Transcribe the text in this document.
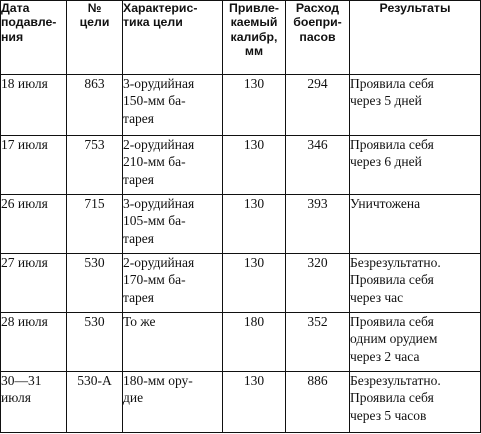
Дата
подавле-
ния	№
цели	Характерис-
тика цели	Привле-
каемый
калибр,
мм	Расход
боепри-
пасов	Результаты

18 июля	863	3-орудийная
150-мм ба-
тарея	130	294	Проявила себя
через 5 дней

17 июля	753	2-орудийная
210-мм ба-
тарея	130	346	Проявила себя
через 6 дней

26 июля	715	3-орудийная
105-мм ба-
тарея	130	393	Уничтожена

27 июля	530	2-орудийная
170-мм ба-
тарея	130	320	Безрезультатно.
Проявила себя
через час

28 июля	530	То же	180	352	Проявила себя
одним орудием
через 2 часа

30—31
июля	530-А	180-мм ору-
дие	130	886	Безрезультатно.
Проявила себя
через 5 часов
